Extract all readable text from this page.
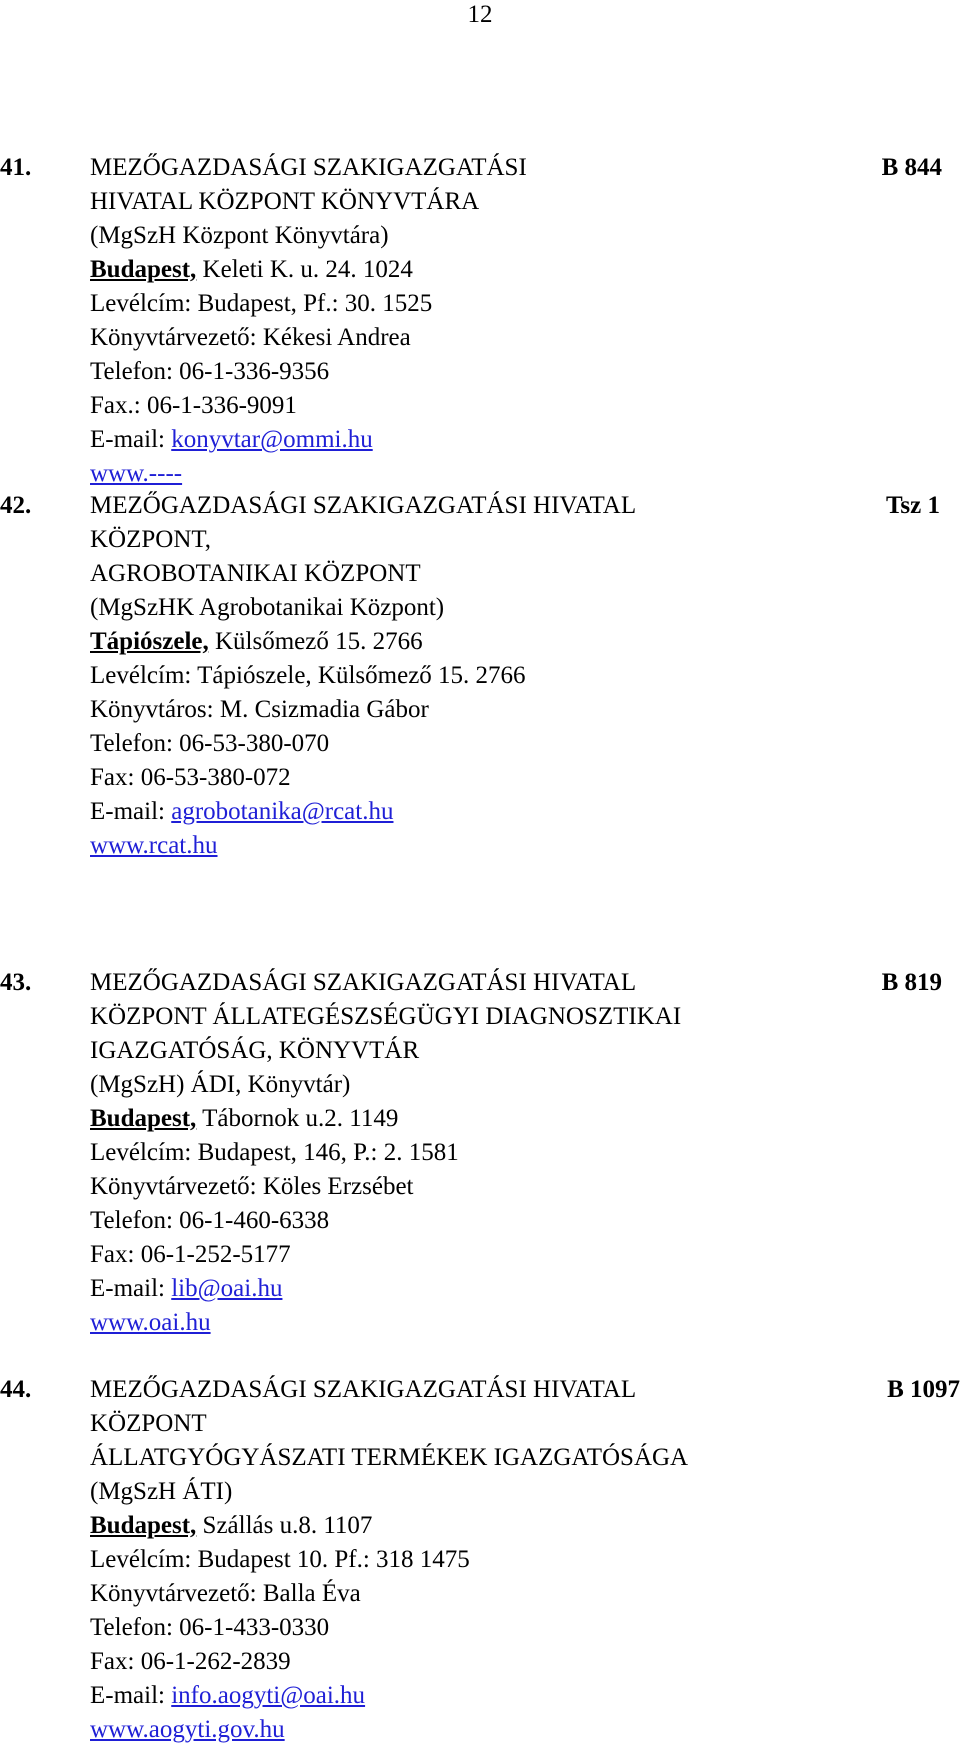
12
41.	B 844
MEZŐGAZDASÁGI SZAKIGAZGATÁSI
HIVATAL KÖZPONT KÖNYVTÁRA
(MgSzH Központ Könyvtára)
Budapest, Keleti K. u. 24. 1024
Levélcím: Budapest, Pf.: 30. 1525
Könyvtárvezető: Kékesi Andrea
Telefon: 06-1-336-9356
Fax.: 06-1-336-9091
E-mail: konyvtar@ommi.hu
www.----
42.	Tsz 1
MEZŐGAZDASÁGI SZAKIGAZGATÁSI HIVATAL
KÖZPONT,
AGROBOTANIKAI KÖZPONT
(MgSzHK Agrobotanikai Központ)
Tápiószele, Külsőmező 15. 2766
Levélcím: Tápiószele, Külsőmező 15. 2766
Könyvtáros: M. Csizmadia Gábor
Telefon: 06-53-380-070
Fax: 06-53-380-072
E-mail: agrobotanika@rcat.hu
www.rcat.hu
43.	B 819
MEZŐGAZDASÁGI SZAKIGAZGATÁSI HIVATAL
KÖZPONT ÁLLATEGÉSZSÉGÜGYI DIAGNOSZTIKAI
IGAZGATÓSÁG, KÖNYVTÁR
(MgSzH) ÁDI, Könyvtár)
Budapest, Tábornok u.2. 1149
Levélcím: Budapest, 146, P.: 2. 1581
Könyvtárvezető: Köles Erzsébet
Telefon: 06-1-460-6338
Fax: 06-1-252-5177
E-mail: lib@oai.hu
www.oai.hu
44.	B 1097
MEZŐGAZDASÁGI SZAKIGAZGATÁSI HIVATAL
KÖZPONT
ÁLLATGYÓGYÁSZATI TERMÉKEK IGAZGATÓSÁGA
(MgSzH ÁTI)
Budapest, Szállás u.8. 1107
Levélcím: Budapest 10. Pf.: 318 1475
Könyvtárvezető: Balla Éva
Telefon: 06-1-433-0330
Fax: 06-1-262-2839
E-mail: info.aogyti@oai.hu
www.aogyti.gov.hu
